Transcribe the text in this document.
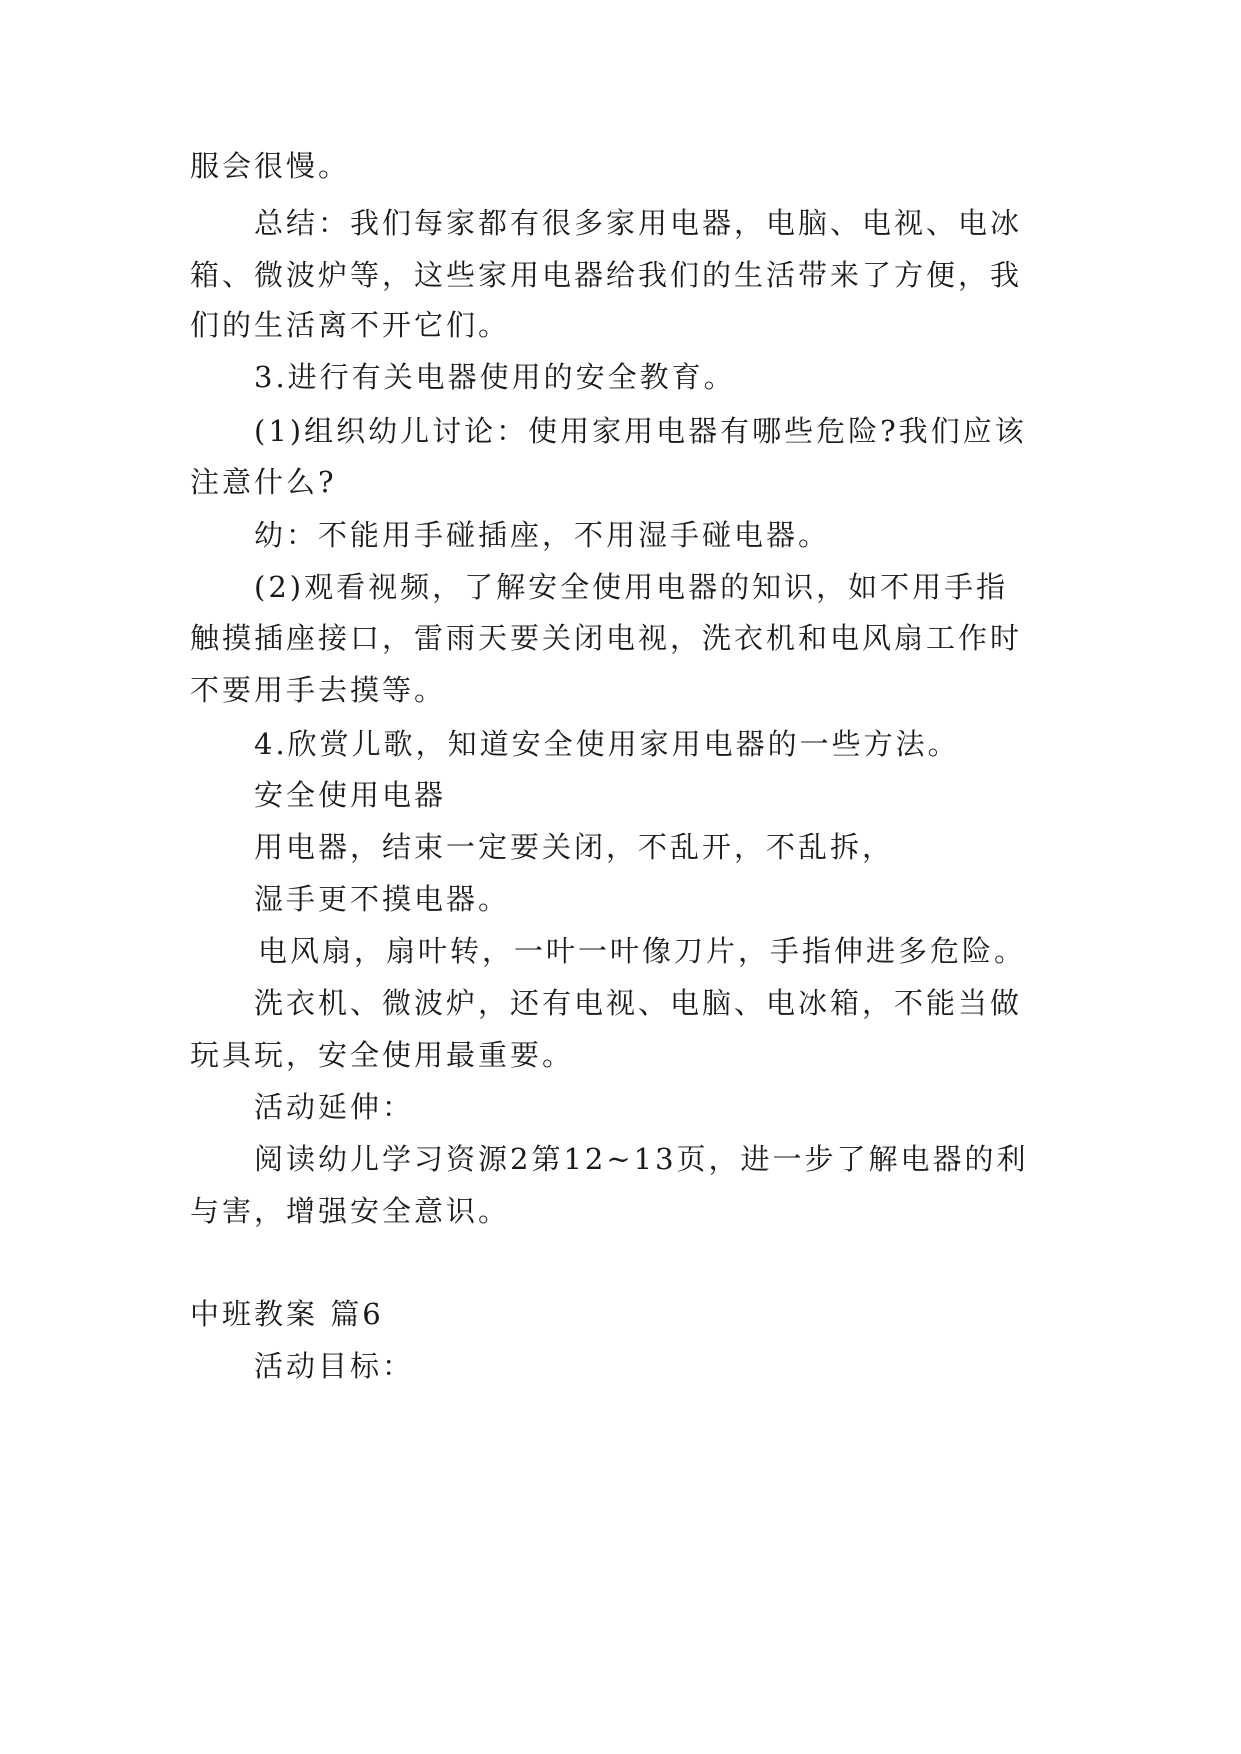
服会很慢。
总结：我们每家都有很多家用电器，电脑、电视、电冰
箱、微波炉等，这些家用电器给我们的生活带来了方便，我
们的生活离不开它们。
3.进行有关电器使用的安全教育。
(1)组织幼儿讨论：使用家用电器有哪些危险?我们应该
注意什么?
幼：不能用手碰插座，不用湿手碰电器。
(2)观看视频，了解安全使用电器的知识，如不用手指
触摸插座接口，雷雨天要关闭电视，洗衣机和电风扇工作时
不要用手去摸等。
4.欣赏儿歌，知道安全使用家用电器的一些方法。
安全使用电器
用电器，结束一定要关闭，不乱开，不乱拆，
湿手更不摸电器。
电风扇，扇叶转，一叶一叶像刀片，手指伸进多危险。
洗衣机、微波炉，还有电视、电脑、电冰箱，不能当做
玩具玩，安全使用最重要。
活动延伸：
阅读幼儿学习资源2第12~13页，进一步了解电器的利
与害，增强安全意识。
中班教案 篇6
活动目标：
